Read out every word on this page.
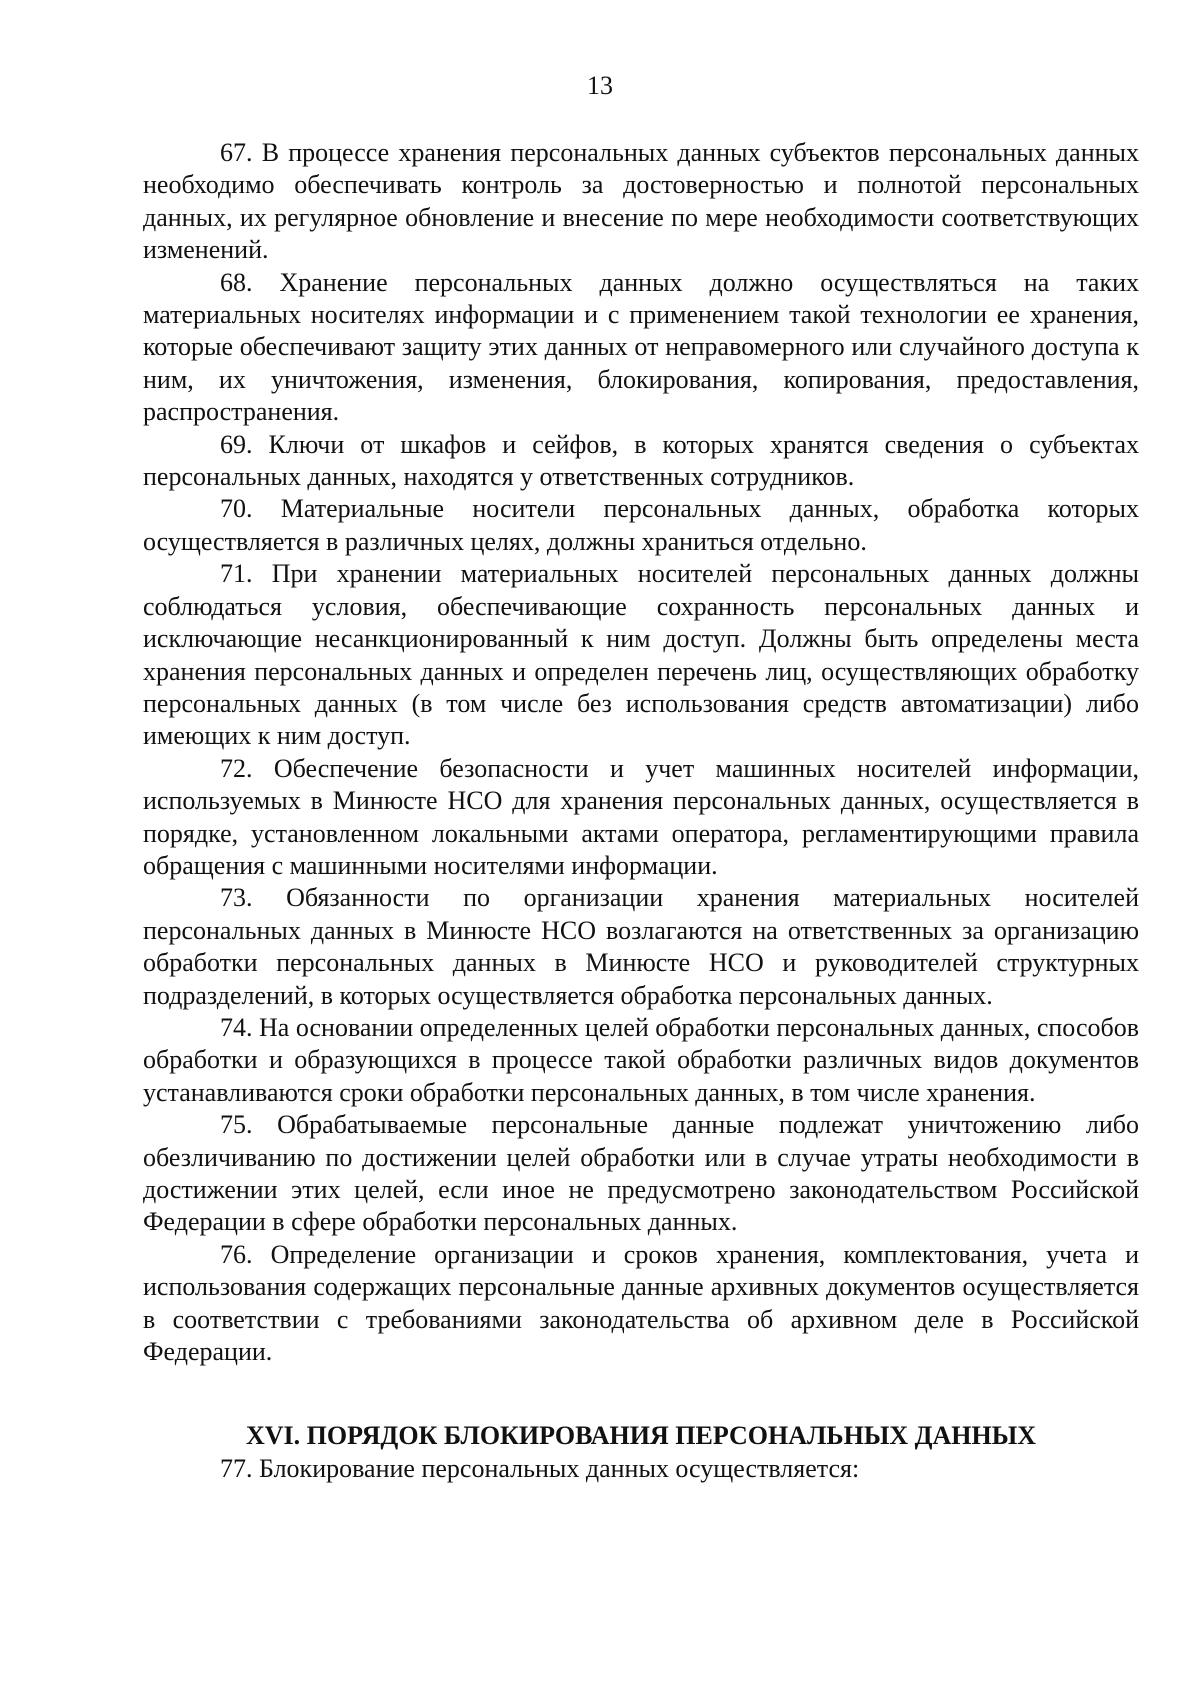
13

67. В процессе хранения персональных данных субъектов персональных данных необходимо обеспечивать контроль за достоверностью и полнотой персональных данных, их регулярное обновление и внесение по мере необходимости соответствующих изменений.

68. Хранение персональных данных должно осуществляться на таких материальных носителях информации и с применением такой технологии ее хранения, которые обеспечивают защиту этих данных от неправомерного или случайного доступа к ним, их уничтожения, изменения, блокирования, копирования, предоставления, распространения.

69. Ключи от шкафов и сейфов, в которых хранятся сведения о субъектах персональных данных, находятся у ответственных сотрудников.

70. Материальные носители персональных данных, обработка которых осуществляется в различных целях, должны храниться отдельно.

71. При хранении материальных носителей персональных данных должны соблюдаться условия, обеспечивающие сохранность персональных данных и исключающие несанкционированный к ним доступ. Должны быть определены места хранения персональных данных и определен перечень лиц, осуществляющих обработку персональных данных (в том числе без использования средств автоматизации) либо имеющих к ним доступ.

72. Обеспечение безопасности и учет машинных носителей информации, используемых в Минюсте НСО для хранения персональных данных, осуществляется в порядке, установленном локальными актами оператора, регламентирующими правила обращения с машинными носителями информации.

73. Обязанности по организации хранения материальных носителей персональных данных в Минюсте НСО возлагаются на ответственных за организацию обработки персональных данных в Минюсте НСО и руководителей структурных подразделений, в которых осуществляется обработка персональных данных.

74. На основании определенных целей обработки персональных данных, способов обработки и образующихся в процессе такой обработки различных видов документов устанавливаются сроки обработки персональных данных, в том числе хранения.

75. Обрабатываемые персональные данные подлежат уничтожению либо обезличиванию по достижении целей обработки или в случае утраты необходимости в достижении этих целей, если иное не предусмотрено законодательством Российской Федерации в сфере обработки персональных данных.

76. Определение организации и сроков хранения, комплектования, учета и использования содержащих персональные данные архивных документов осуществляется в соответствии с требованиями законодательства об архивном деле в Российской Федерации.

XVI. ПОРЯДОК БЛОКИРОВАНИЯ ПЕРСОНАЛЬНЫХ ДАННЫХ

77. Блокирование персональных данных осуществляется:
